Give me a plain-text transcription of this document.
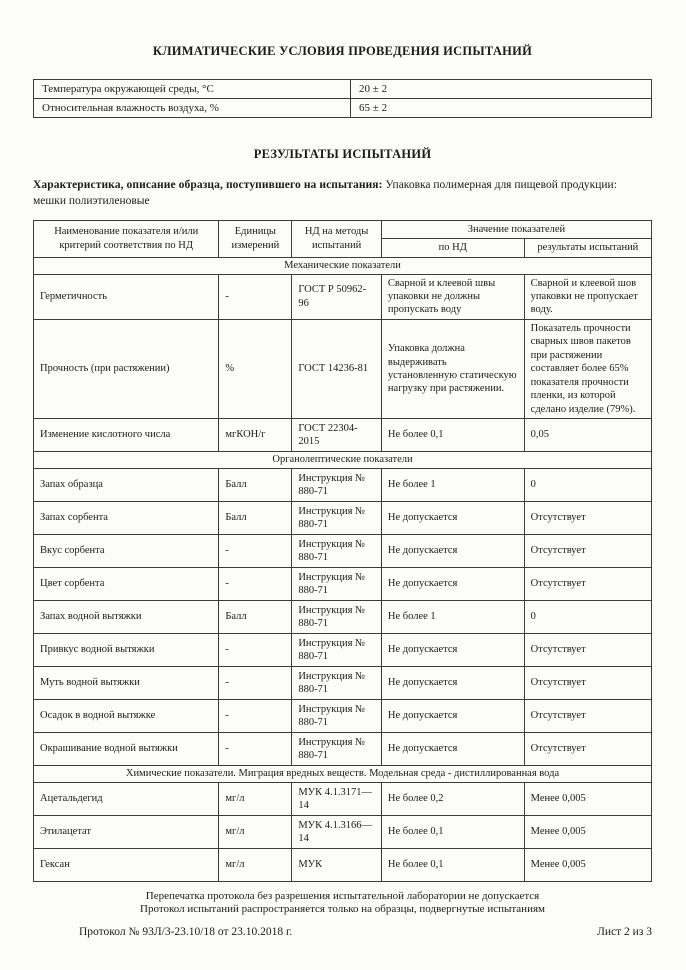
КЛИМАТИЧЕСКИЕ УСЛОВИЯ ПРОВЕДЕНИЯ ИСПЫТАНИЙ
Температура окружающей среды, °С	20 ± 2
Относительная влажность воздуха, %	65 ± 2
РЕЗУЛЬТАТЫ ИСПЫТАНИЙ

Характеристика, описание образца, поступившего на испытания: Упаковка полимерная для пищевой продукции: мешки полиэтиленовые

Наименование показателя и/или критерий соответствия по НД	Единицы измерений	НД на методы испытаний	Значение показателей	
			по НД	результаты испытаний
Механические показатели				
Герметичность	-	ГОСТ Р 50962-96	Сварной и клеевой швы упаковки не должны пропускать воду	Сварной и клеевой шов упаковки не пропускает воду.
Прочность (при растяжении)	%	ГОСТ 14236-81	Упаковка должна выдерживать установленную статическую нагрузку при растяжении.	Показатель прочности сварных швов пакетов при растяжении составляет более 65% показателя прочности пленки, из которой сделано изделие (79%).
Изменение кислотного числа	мгКОН/г	ГОСТ 22304-2015	Не более 0,1	0,05
Органолептические показатели				
Запах образца	Балл	Инструкция № 880-71	Не более 1	0
Запах сорбента	Балл	Инструкция № 880-71	Не допускается	Отсутствует
Вкус сорбента	-	Инструкция № 880-71	Не допускается	Отсутствует
Цвет сорбента	-	Инструкция № 880-71	Не допускается	Отсутствует
Запах водной вытяжки	Балл	Инструкция № 880-71	Не более 1	0
Привкус водной вытяжки	-	Инструкция № 880-71	Не допускается	Отсутствует
Муть водной вытяжки	-	Инструкция № 880-71	Не допускается	Отсутствует
Осадок в водной вытяжке	-	Инструкция № 880-71	Не допускается	Отсутствует
Окрашивание водной вытяжки	-	Инструкция № 880-71	Не допускается	Отсутствует
Химические показатели. Миграция вредных веществ. Модельная среда - дистиллированная вода				
Ацетальдегид	мг/л	МУК 4.1.3171—14	Не более 0,2	Менее 0,005
Этилацетат	мг/л	МУК 4.1.3166—14	Не более 0,1	Менее 0,005
Гексан	мг/л	МУК	Не более 0,1	Менее 0,005
Перепечатка протокола без разрешения испытательной лаборатории не допускается
Протокол испытаний распространяется только на образцы, подвергнутые испытаниям
Протокол № 93Л/3-23.10/18 от 23.10.2018 г.	Лист 2 из 3
